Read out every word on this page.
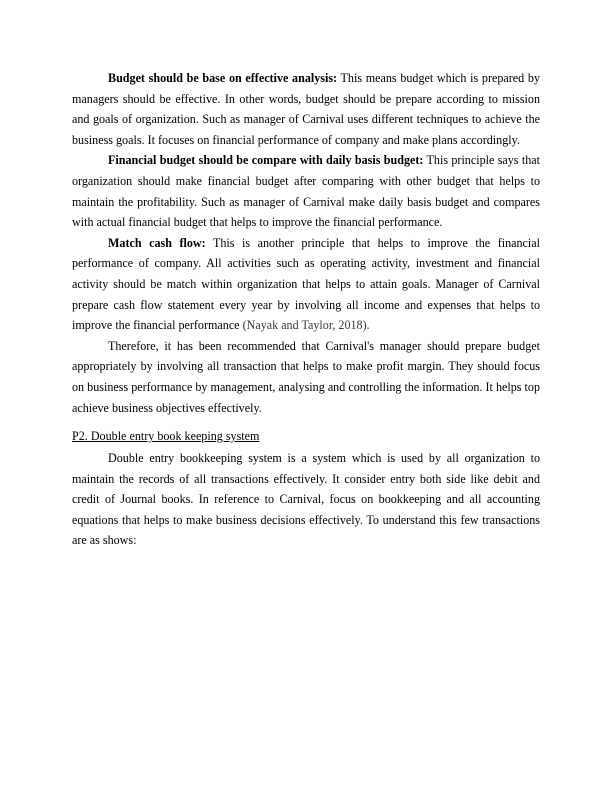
Budget should be base on effective analysis: This means budget which is prepared by managers should be effective. In other words, budget should be prepare according to mission and goals of organization. Such as manager of Carnival uses different techniques to achieve the business goals. It focuses on financial performance of company and make plans accordingly.

Financial budget should be compare with daily basis budget: This principle says that organization should make financial budget after comparing with other budget that helps to maintain the profitability. Such as manager of Carnival make daily basis budget and compares with actual financial budget that helps to improve the financial performance.

Match cash flow: This is another principle that helps to improve the financial performance of company. All activities such as operating activity, investment and financial activity should be match within organization that helps to attain goals. Manager of Carnival prepare cash flow statement every year by involving all income and expenses that helps to improve the financial performance (Nayak and Taylor, 2018).

Therefore, it has been recommended that Carnival's manager should prepare budget appropriately by involving all transaction that helps to make profit margin. They should focus on business performance by management, analysing and controlling the information. It helps top achieve business objectives effectively.

P2. Double entry book keeping system

Double entry bookkeeping system is a system which is used by all organization to maintain the records of all transactions effectively. It consider entry both side like debit and credit of Journal books. In reference to Carnival, focus on bookkeeping and all accounting equations that helps to make business decisions effectively. To understand this few transactions are as shows:
